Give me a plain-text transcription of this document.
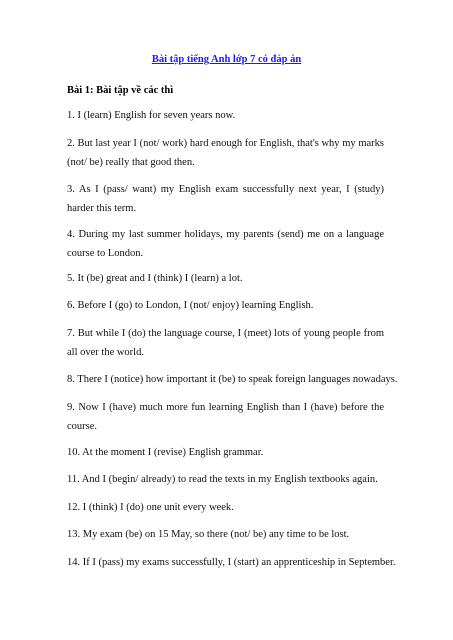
Bài tập tiếng Anh lớp 7 có đáp án
Bài 1: Bài tập về các thì
1. I (learn) English for seven years now.
2. But last year I (not/ work) hard enough for English, that's why my marks (not/ be) really that good then.
3. As I (pass/ want) my English exam successfully next year, I (study) harder this term.
4. During my last summer holidays, my parents (send) me on a language course to London.
5. It (be) great and I (think) I (learn) a lot.
6. Before I (go) to London, I (not/ enjoy) learning English.
7. But while I (do) the language course, I (meet) lots of young people from all over the world.
8. There I (notice) how important it (be) to speak foreign languages nowadays.
9. Now I (have) much more fun learning English than I (have) before the course.
10. At the moment I (revise) English grammar.
11. And I (begin/ already) to read the texts in my English textbooks again.
12. I (think) I (do) one unit every week.
13. My exam (be) on 15 May, so there (not/ be) any time to be lost.
14. If I (pass) my exams successfully, I (start) an apprenticeship in September.
